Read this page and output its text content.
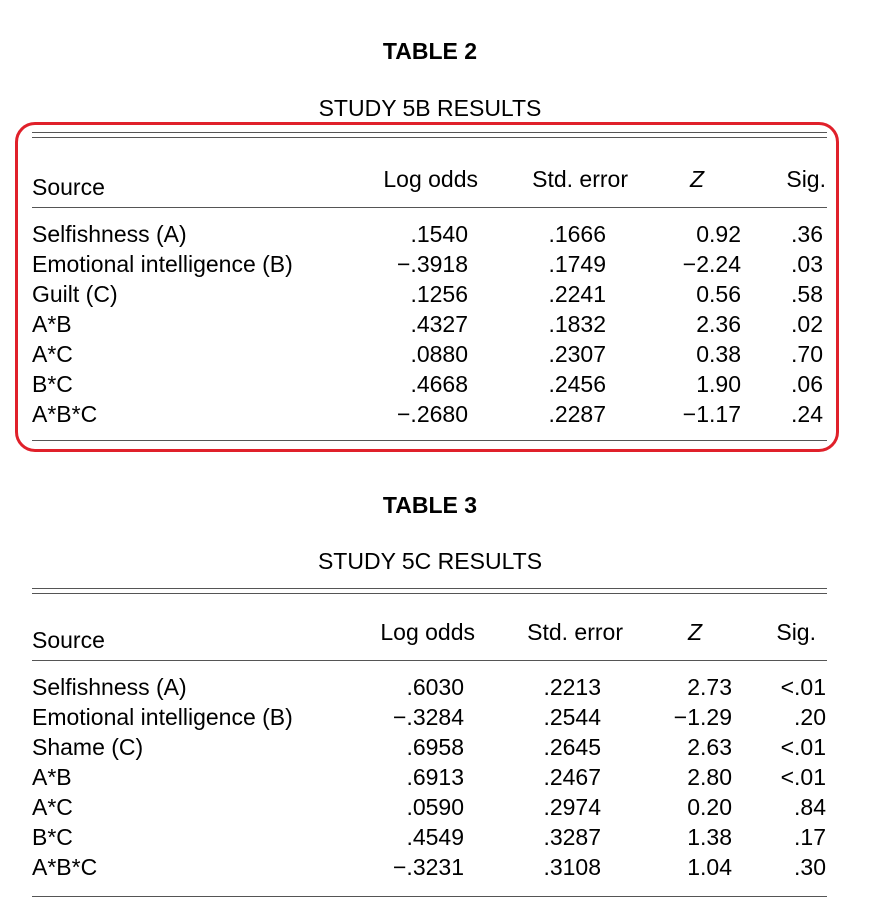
TABLE 2
STUDY 5B RESULTS
Source	Log odds	Std. error	Z	Sig.
Selfishness (A)	.1540	.1666	0.92	.36
Emotional intelligence (B)	−.3918	.1749	−2.24	.03
Guilt (C)	.1256	.2241	0.56	.58
A*B	.4327	.1832	2.36	.02
A*C	.0880	.2307	0.38	.70
B*C	.4668	.2456	1.90	.06
A*B*C	−.2680	.2287	−1.17	.24
TABLE 3
STUDY 5C RESULTS
Source	Log odds	Std. error	Z	Sig.
Selfishness (A)	.6030	.2213	2.73	<.01
Emotional intelligence (B)	−.3284	.2544	−1.29	.20
Shame (C)	.6958	.2645	2.63	<.01
A*B	.6913	.2467	2.80	<.01
A*C	.0590	.2974	0.20	.84
B*C	.4549	.3287	1.38	.17
A*B*C	−.3231	.3108	1.04	.30
